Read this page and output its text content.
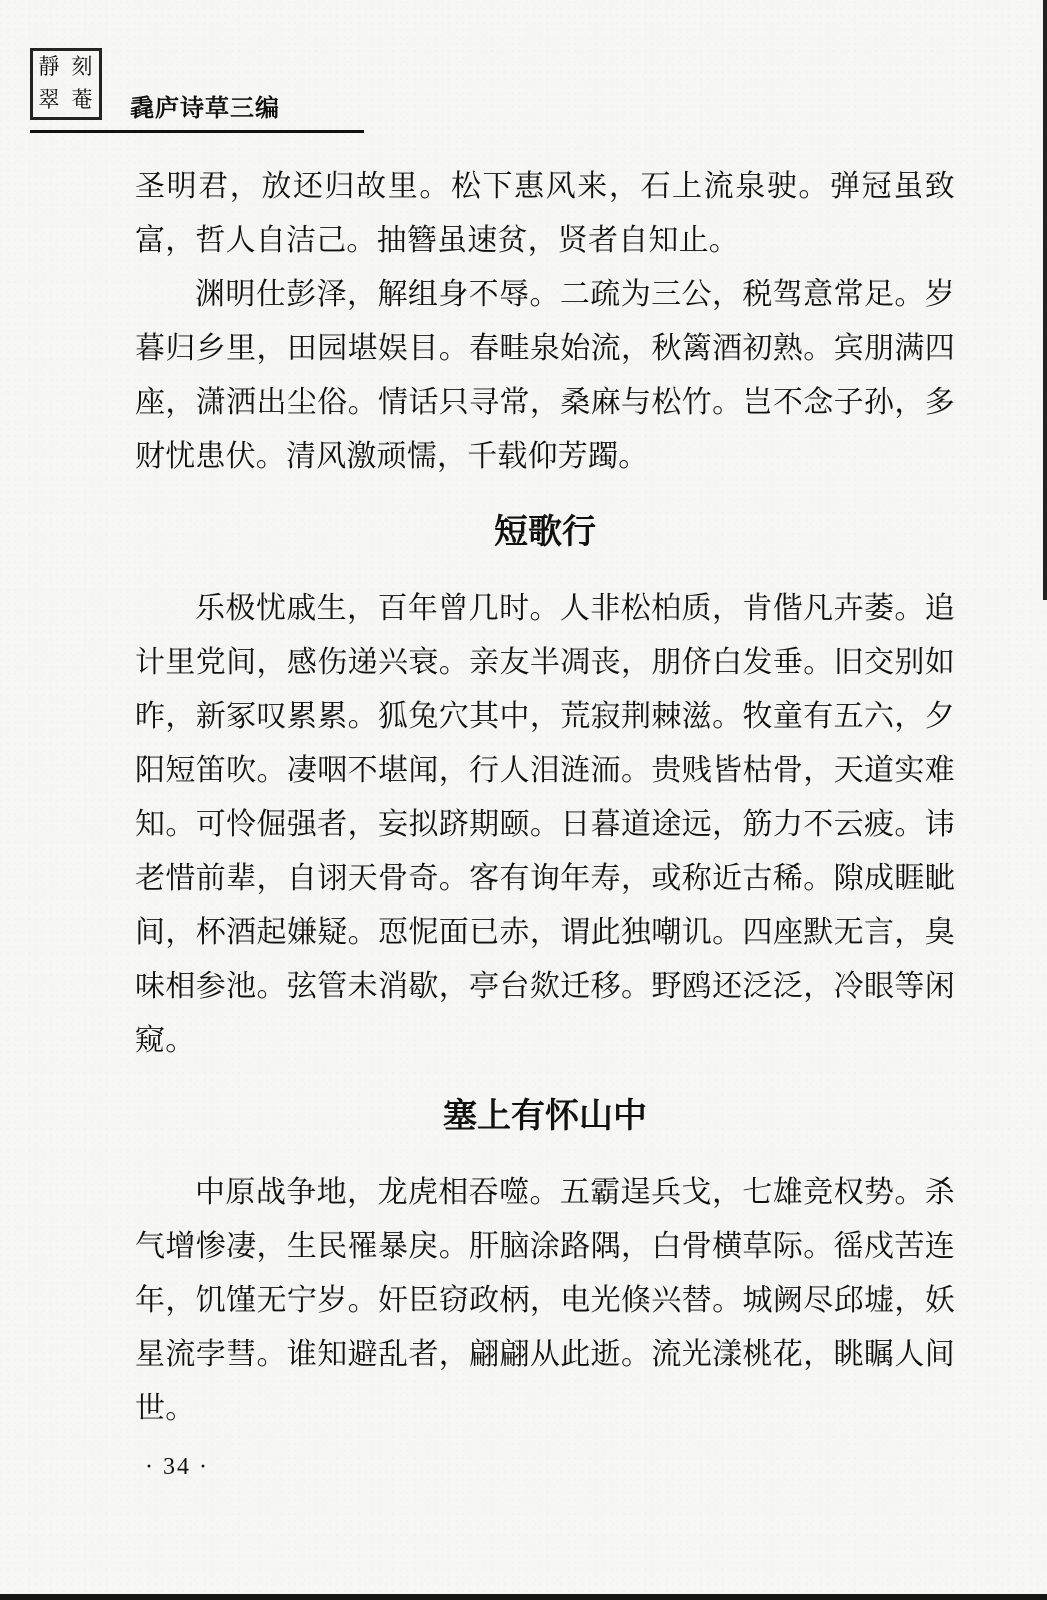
靜 刻
翠 菴 毳庐诗草三编

圣明君，放还归故里。松下惠风来，石上流泉驶。弹冠虽致富，哲人自洁己。抽簪虽速贫，贤者自知止。

渊明仕彭泽，解组身不辱。二疏为三公，税驾意常足。岁暮归乡里，田园堪娱目。春畦泉始流，秋篱酒初熟。宾朋满四座，潇洒出尘俗。情话只寻常，桑麻与松竹。岂不念子孙，多财忧患伏。清风激顽懦，千载仰芳躅。

短歌行

乐极忧戚生，百年曾几时。人非松柏质，肯偕凡卉萎。追计里党间，感伤递兴衰。亲友半凋丧，朋侪白发垂。旧交别如昨，新冢叹累累。狐兔穴其中，荒寂荆棘滋。牧童有五六，夕阳短笛吹。凄咽不堪闻，行人泪涟洏。贵贱皆枯骨，天道实难知。可怜倔强者，妄拟跻期颐。日暮道途远，筋力不云疲。讳老惜前辈，自诩天骨奇。客有询年寿，或称近古稀。隙成睚眦间，杯酒起嫌疑。恧怩面已赤，谓此独嘲讥。四座默无言，臭味相参池。弦管未消歇，亭台欻迁移。野鸥还泛泛，冷眼等闲窥。

塞上有怀山中

中原战争地，龙虎相吞噬。五霸逞兵戈，七雄竞权势。杀气增惨凄，生民罹暴戾。肝脑涂路隅，白骨横草际。徭戍苦连年，饥馑无宁岁。奸臣窃政柄，电光倏兴替。城阙尽邱墟，妖星流孛彗。谁知避乱者，翩翩从此逝。流光漾桃花，眺瞩人间世。

· 34 ·
